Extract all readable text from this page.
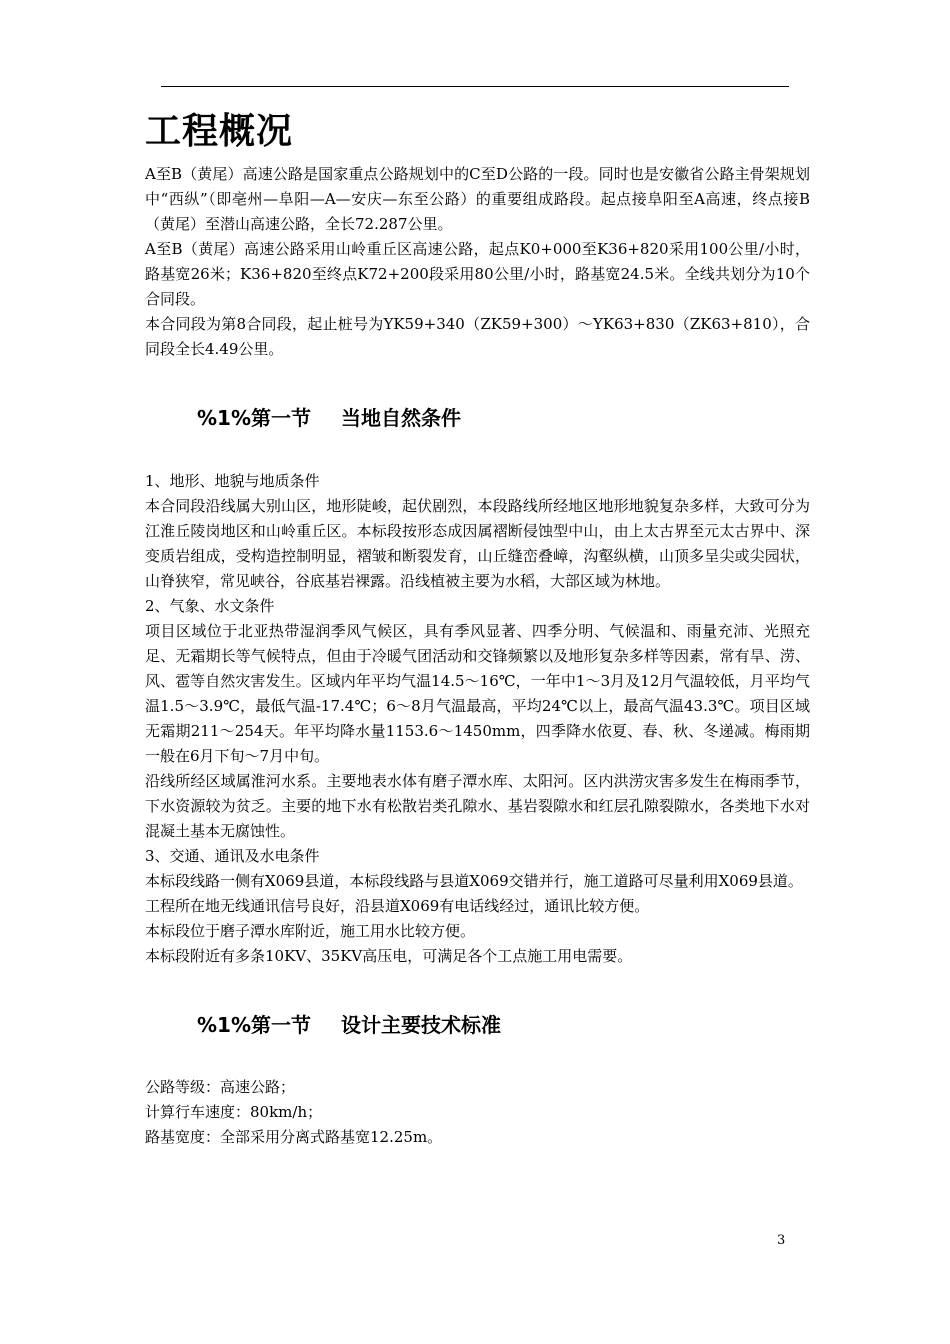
工程概况

A至B（黄尾）高速公路是国家重点公路规划中的C至D公路的一段。同时也是安徽省公路主骨架规划中“西纵”（即亳州—阜阳—A—安庆—东至公路）的重要组成路段。起点接阜阳至A高速，终点接B（黄尾）至潜山高速公路，全长72.287公里。

A至B（黄尾）高速公路采用山岭重丘区高速公路，起点K0+000至K36+820采用100公里/小时，路基宽26米；K36+820至终点K72+200段采用80公里/小时，路基宽24.5米。全线共划分为10个合同段。

本合同段为第8合同段，起止桩号为YK59+340（ZK59+300）～YK63+830（ZK63+810），合同段全长4.49公里。

%1%第一节 当地自然条件

1、地形、地貌与地质条件

本合同段沿线属大别山区，地形陡峻，起伏剧烈，本段路线所经地区地形地貌复杂多样，大致可分为江淮丘陵岗地区和山岭重丘区。本标段按形态成因属褶断侵蚀型中山，由上太古界至元太古界中、深变质岩组成，受构造控制明显，褶皱和断裂发育，山丘缝峦叠嶂，沟壑纵横，山顶多呈尖或尖园状，山脊狭窄，常见峡谷，谷底基岩裸露。沿线植被主要为水稻，大部区域为林地。

2、气象、水文条件

项目区域位于北亚热带湿润季风气候区，具有季风显著、四季分明、气候温和、雨量充沛、光照充足、无霜期长等气候特点，但由于冷暖气团活动和交锋频繁以及地形复杂多样等因素，常有旱、涝、风、雹等自然灾害发生。区域内年平均气温14.5～16℃，一年中1～3月及12月气温较低，月平均气温1.5～3.9℃，最低气温-17.4℃；6～8月气温最高，平均24℃以上，最高气温43.3℃。项目区域无霜期211～254天。年平均降水量1153.6～1450mm，四季降水依夏、春、秋、冬递减。梅雨期一般在6月下旬～7月中旬。

沿线所经区域属淮河水系。主要地表水体有磨子潭水库、太阳河。区内洪涝灾害多发生在梅雨季节，下水资源较为贫乏。主要的地下水有松散岩类孔隙水、基岩裂隙水和红层孔隙裂隙水，各类地下水对混凝土基本无腐蚀性。

3、交通、通讯及水电条件

本标段线路一侧有X069县道，本标段线路与县道X069交错并行，施工道路可尽量利用X069县道。

工程所在地无线通讯信号良好，沿县道X069有电话线经过，通讯比较方便。

本标段位于磨子潭水库附近，施工用水比较方便。

本标段附近有多条10KV、35KV高压电，可满足各个工点施工用电需要。

%1%第一节 设计主要技术标准

公路等级：高速公路；

计算行车速度：80km/h；

路基宽度：全部采用分离式路基宽12.25m。

3
